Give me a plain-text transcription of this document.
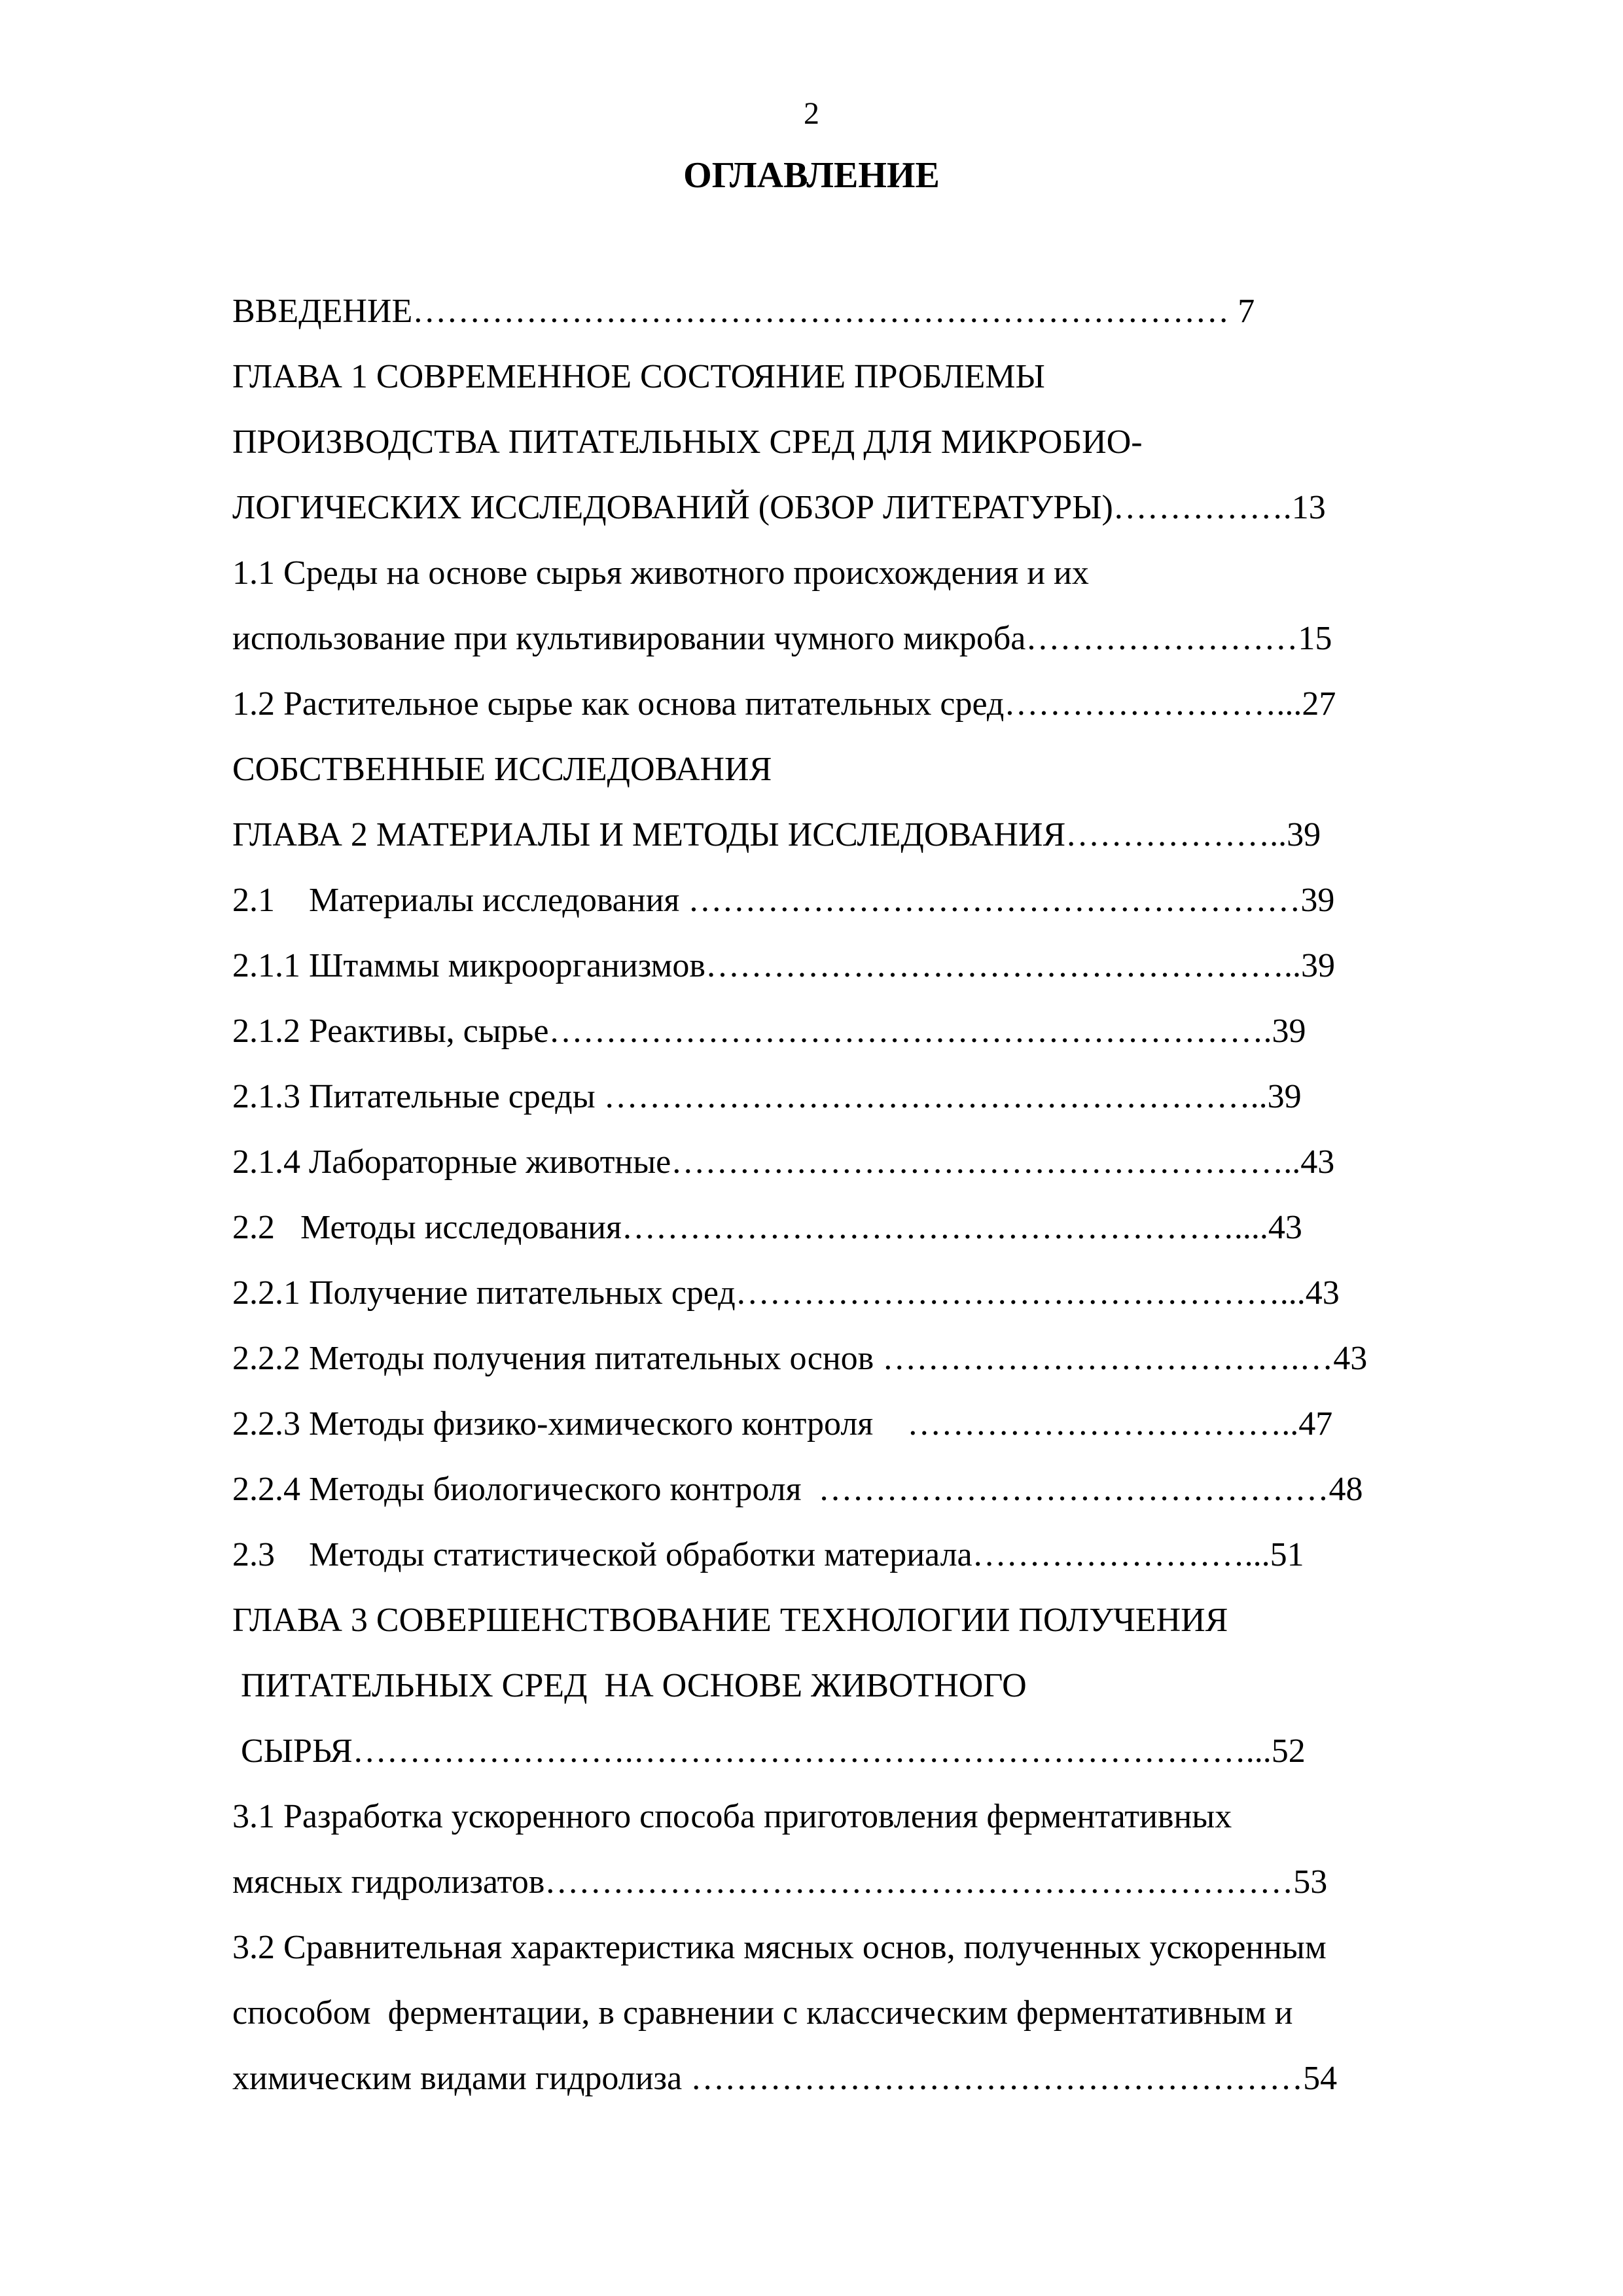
2
ОГЛАВЛЕНИЕ
ВВЕДЕНИЕ……………………………………………………………… 7
ГЛАВА 1 СОВРЕМЕННОЕ СОСТОЯНИЕ ПРОБЛЕМЫ
ПРОИЗВОДСТВА ПИТАТЕЛЬНЫХ СРЕД ДЛЯ МИКРОБИО-
ЛОГИЧЕСКИХ ИССЛЕДОВАНИЙ (ОБЗОР ЛИТЕРАТУРЫ)…………….13
1.1 Среды на основе сырья животного происхождения и их
использование при культивировании чумного микроба……………………15
1.2 Растительное сырье как основа питательных сред……………………...27
СОБСТВЕННЫЕ ИССЛЕДОВАНИЯ
ГЛАВА 2 МАТЕРИАЛЫ И МЕТОДЫ ИССЛЕДОВАНИЯ………………..39
2.1    Материалы исследования ………………………………………………39
2.1.1 Штаммы микроорганизмов……………………………………………..39
2.1.2 Реактивы, сырье……………………………………………………….39
2.1.3 Питательные среды …………………………………………………..39
2.1.4 Лабораторные животные………………………………………………..43
2.2   Методы исследования………………………………………………....43
2.2.1 Получение питательных сред…………………………………………...43
2.2.2 Методы получения питательных основ ……………………………….…43
2.2.3 Методы физико-химического контроля    ……………………………..47
2.2.4 Методы биологического контроля  ………………………………………48
2.3    Методы статистической обработки материала……………………...51
ГЛАВА 3 СОВЕРШЕНСТВОВАНИЕ ТЕХНОЛОГИИ ПОЛУЧЕНИЯ
ПИТАТЕЛЬНЫХ СРЕД  НА ОСНОВЕ ЖИВОТНОГО
СЫРЬЯ…………………….………………………………………………...52
3.1 Разработка ускоренного способа приготовления ферментативных
мясных гидролизатов…………………………………………………………53
3.2 Сравнительная характеристика мясных основ, полученных ускоренным
способом  ферментации, в сравнении с классическим ферментативным и
химическим видами гидролиза ………………………………………………54
